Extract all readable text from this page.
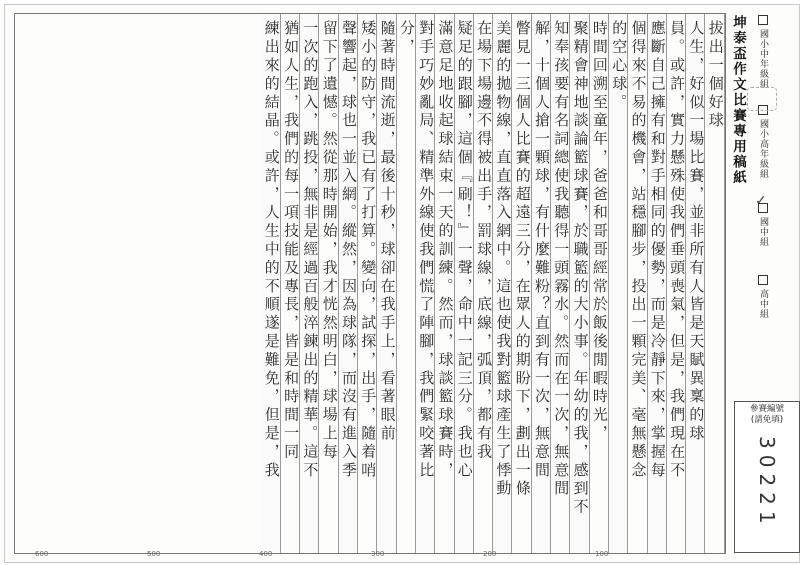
拔出一個好球
人生，好似一場比賽，並非所有人皆是天賦異稟的球
員。或許，實力懸殊使我們垂頭喪氣，但是，我們現在不
應斷自己擁有和對手相同的優勢，而是冷靜下來，掌握每
個得來不易的機會，站穩腳步，投出一顆完美、毫無懸念
的空心球。
時間回溯至童年，爸爸和哥哥經常於飯後閒暇時光，
聚精會神地談論籃球賽，於職籃的大小事。年幼的我，感到不
知奉孩要有名詞總使我聽得一頭霧水。然而在一次，無意間
解，十個人搶一顆球，有什麼難粉？直到有一次，無意間
瞥見一三個人比賽的超遠三分，在眾人的期盼下，劃出一條
美麗的拋物線，直直落入網中。這也使我對籃球產生了悸動
在場下場邊不得被出手，罰球線，底線，弧頂，都有我
疑足的跟腳，這個『刷！』一聲，命中一記三分。我也心
滿意足地收起球結束一天的訓練。然而，球談籃球賽時，
對手巧妙亂局、精準外線使我們慌了陣腳，我們緊咬著比
分，
隨著時間流逝，最後十秒，球卻在我手上，看著眼前
矮小的防守，我已有了打算。變向，試探，出手，隨着哨
聲響起，球也一並入網。縱然，因為球隊，而沒有進入季
留下了遺憾。然從那時開始，我才恍然明白，球場上每
一次的跑入，跳投，無非是經過百般淬鍊出的精華。這不
猶如人生，我們的每一項技能及專長，皆是和時間一同
練出來的結晶。或許，人生中的不順遂是難免，但是，我	坤泰盃作文比賽專用稿紙	國小中年級組
國小高年級組
國中組
✓
高中組
參賽編號
(請免填)
30221
600	500	400	300	200	100
